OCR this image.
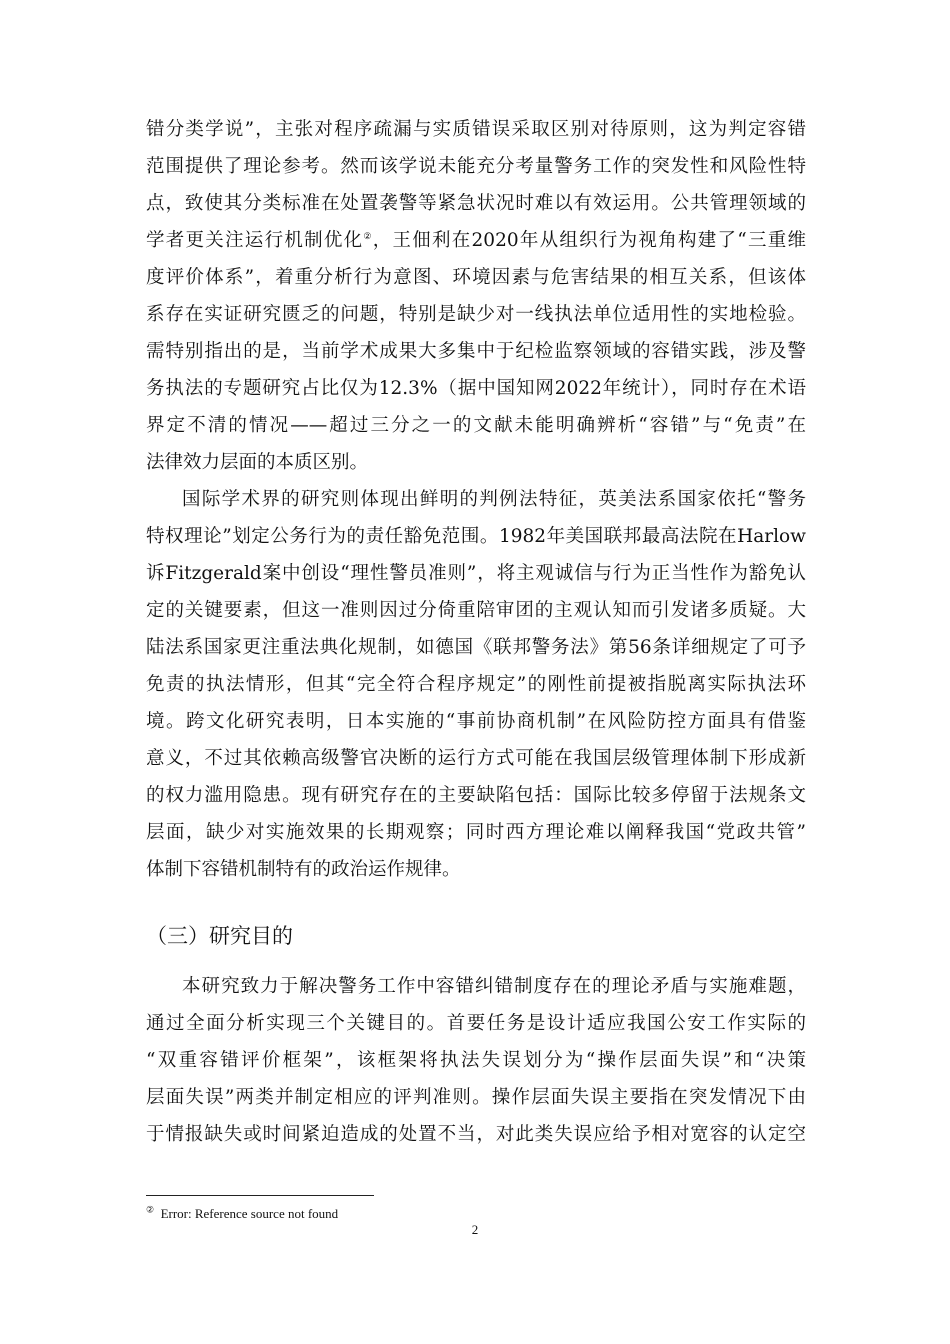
错分类学说”，主张对程序疏漏与实质错误采取区别对待原则，这为判定容错
范围提供了理论参考。然而该学说未能充分考量警务工作的突发性和风险性特
点，致使其分类标准在处置袭警等紧急状况时难以有效运用。公共管理领域的
学者更关注运行机制优化②，王佃利在2020年从组织行为视角构建了“三重维
度评价体系”，着重分析行为意图、环境因素与危害结果的相互关系，但该体
系存在实证研究匮乏的问题，特别是缺少对一线执法单位适用性的实地检验。
需特别指出的是，当前学术成果大多集中于纪检监察领域的容错实践，涉及警
务执法的专题研究占比仅为12.3%（据中国知网2022年统计），同时存在术语
界定不清的情况——超过三分之一的文献未能明确辨析“容错”与“免责”在
法律效力层面的本质区别。
国际学术界的研究则体现出鲜明的判例法特征，英美法系国家依托“警务
特权理论”划定公务行为的责任豁免范围。1982年美国联邦最高法院在Harlow
诉Fitzgerald案中创设“理性警员准则”，将主观诚信与行为正当性作为豁免认
定的关键要素，但这一准则因过分倚重陪审团的主观认知而引发诸多质疑。大
陆法系国家更注重法典化规制，如德国《联邦警务法》第56条详细规定了可予
免责的执法情形，但其“完全符合程序规定”的刚性前提被指脱离实际执法环
境。跨文化研究表明，日本实施的“事前协商机制”在风险防控方面具有借鉴
意义，不过其依赖高级警官决断的运行方式可能在我国层级管理体制下形成新
的权力滥用隐患。现有研究存在的主要缺陷包括：国际比较多停留于法规条文
层面，缺少对实施效果的长期观察；同时西方理论难以阐释我国“党政共管”
体制下容错机制特有的政治运作规律。
（三）研究目的
本研究致力于解决警务工作中容错纠错制度存在的理论矛盾与实施难题，
通过全面分析实现三个关键目的。首要任务是设计适应我国公安工作实际的
“双重容错评价框架”，该框架将执法失误划分为“操作层面失误”和“决策
层面失误”两类并制定相应的评判准则。操作层面失误主要指在突发情况下由
于情报缺失或时间紧迫造成的处置不当，对此类失误应给予相对宽容的认定空
② Error: Reference source not found
2
